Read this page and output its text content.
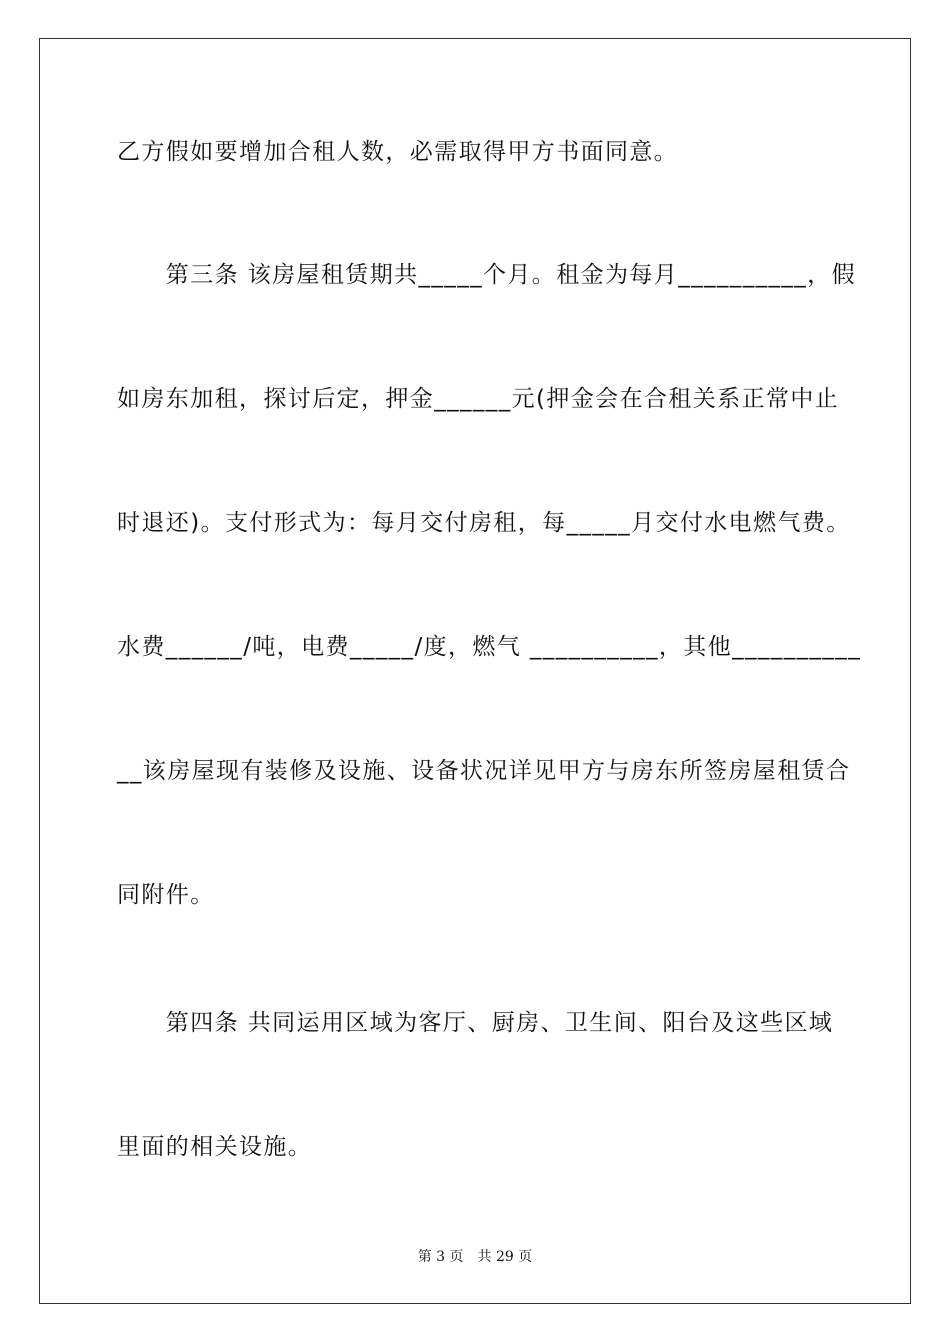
乙方假如要增加合租人数，必需取得甲方书面同意。
　　第三条 该房屋租赁期共_____个月。租金为每月__________，假
如房东加租，探讨后定，押金______元(押金会在合租关系正常中止
时退还)。支付形式为：每月交付房租，每_____月交付水电燃气费。
水费______/吨，电费_____/度，燃气 __________，其他__________
__该房屋现有装修及设施、设备状况详见甲方与房东所签房屋租赁合
同附件。
　　第四条 共同运用区域为客厅、厨房、卫生间、阳台及这些区域
里面的相关设施。
第 3 页　共 29 页
